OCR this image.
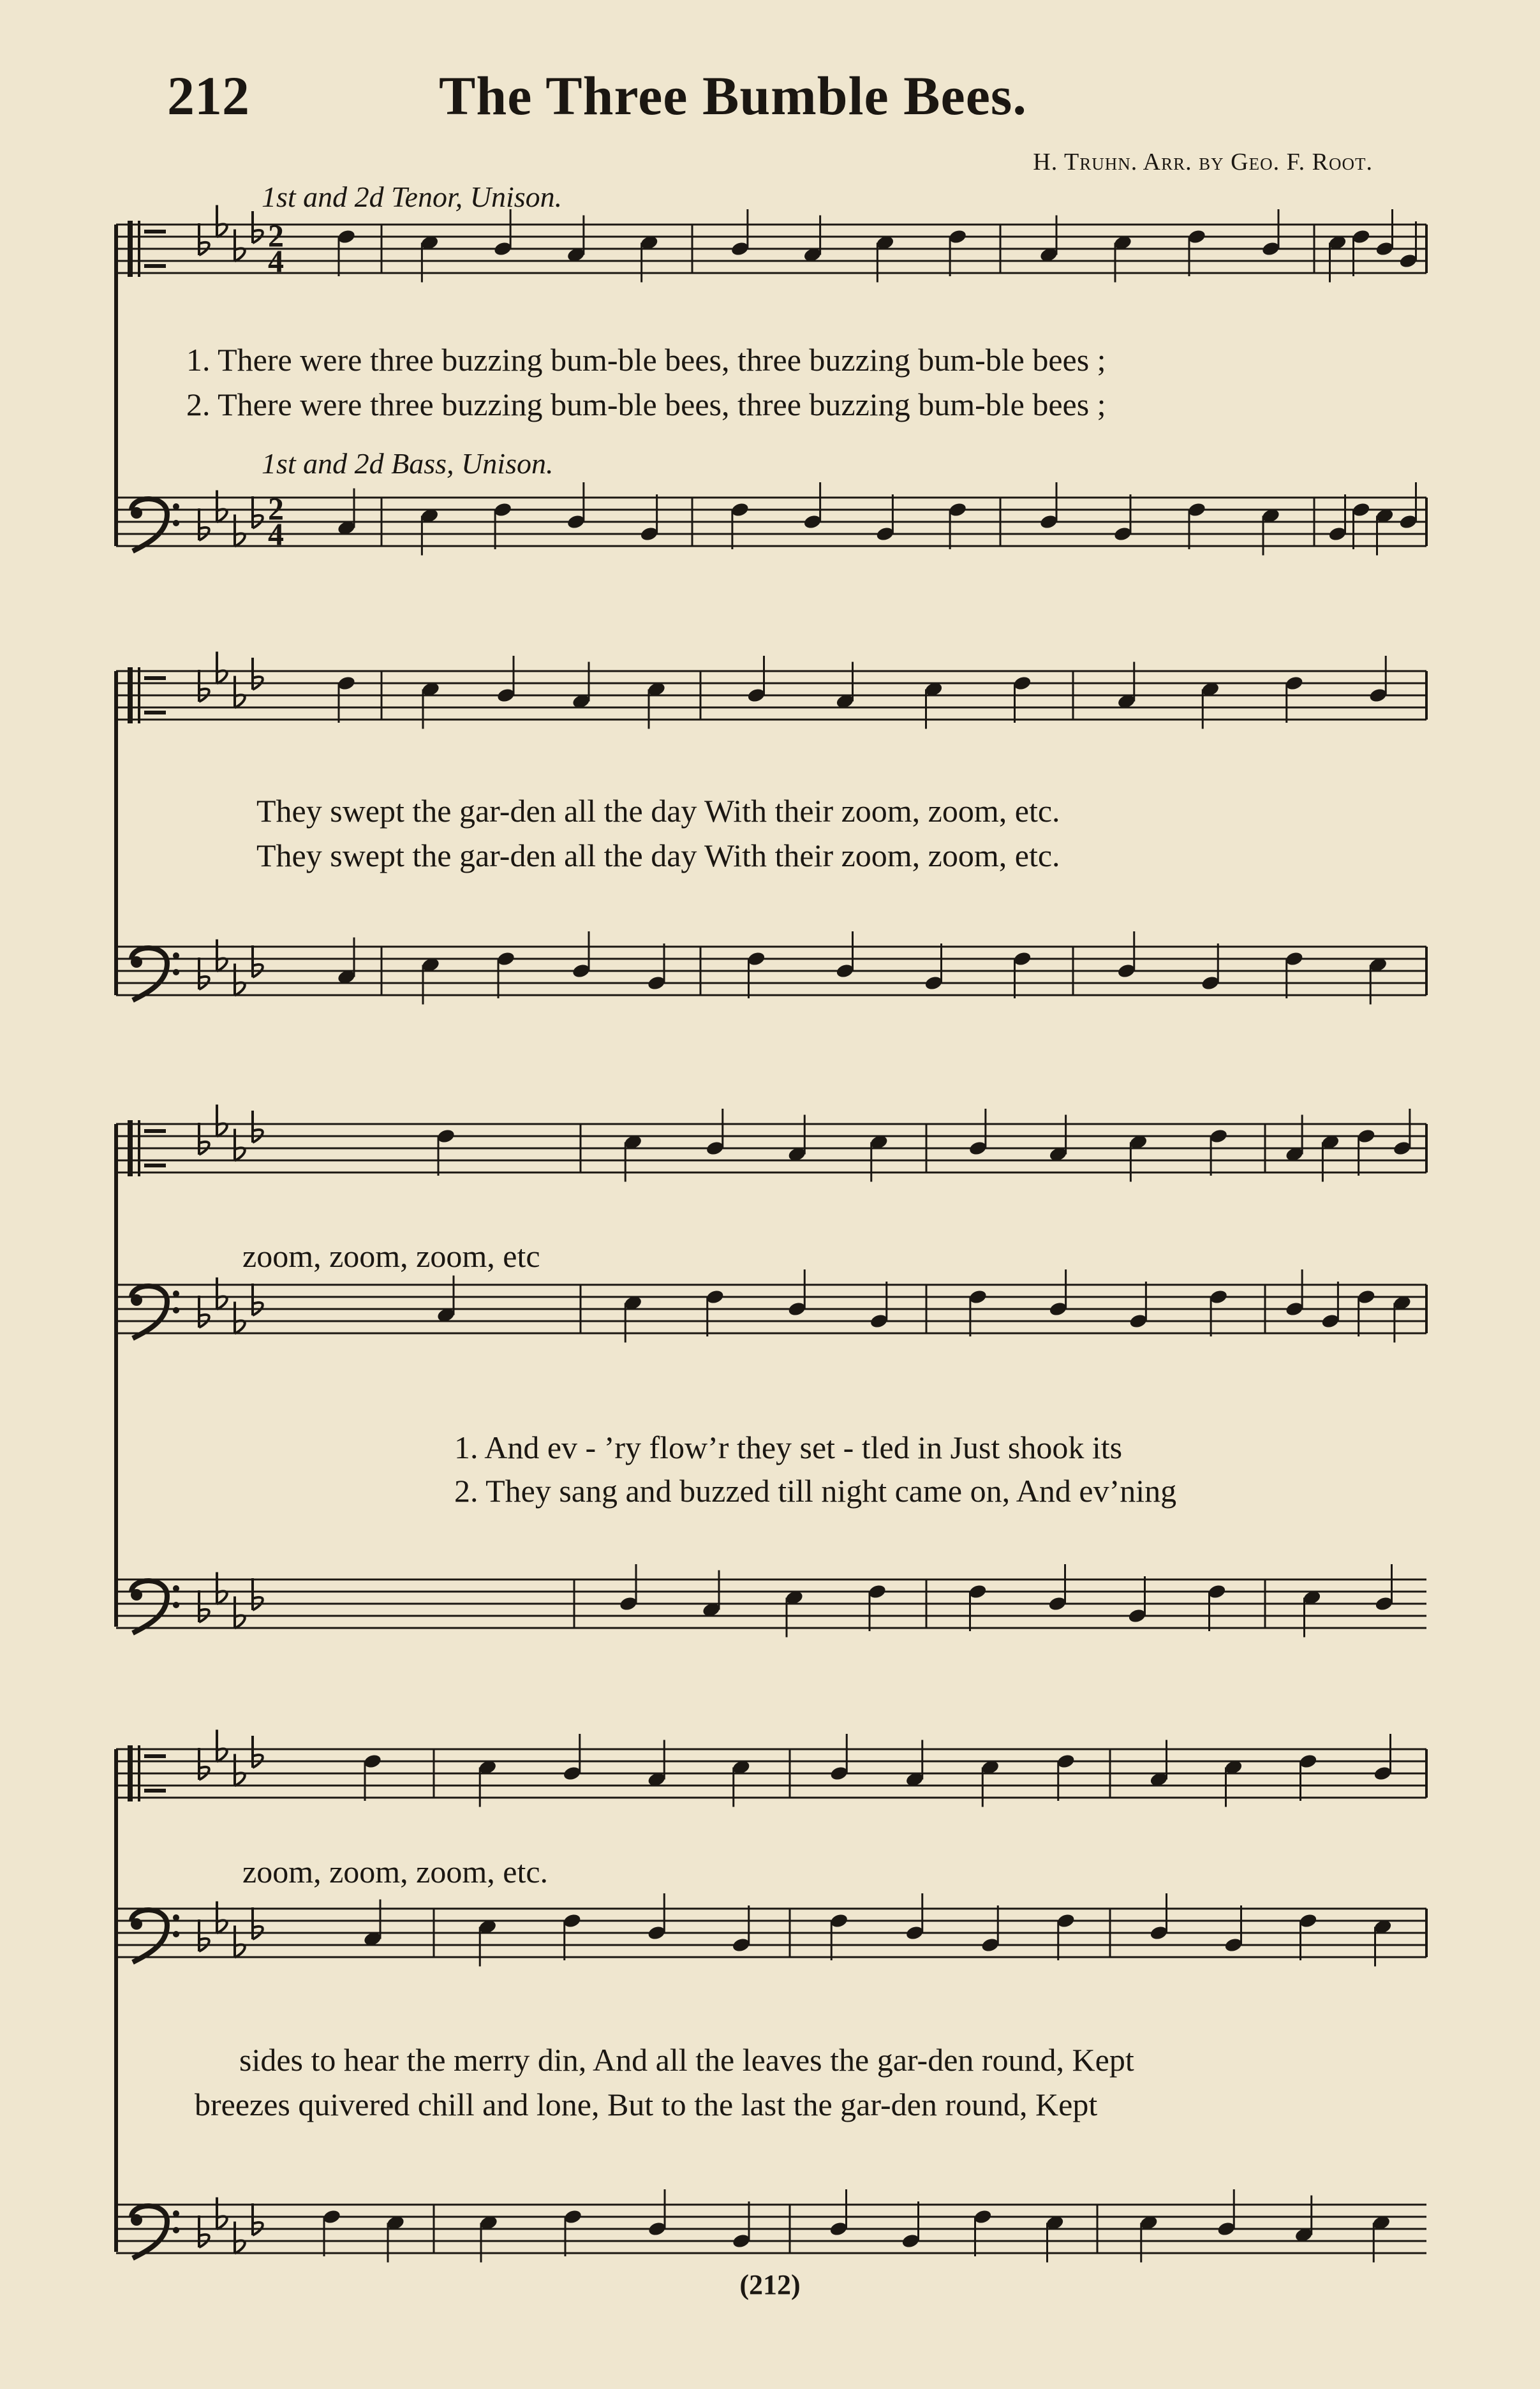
212	The Three Bumble Bees.
H. Truhn. Arr. by Geo. F. Root.
1st and 2d Tenor, Unison.
1st and 2d Bass, Unison.
1. There were three buzzing bum-ble bees, three buzzing bum-ble bees ;
2. There were three buzzing bum-ble bees, three buzzing bum-ble bees ;
They swept the gar-den all the day With their zoom, zoom, etc.
They swept the gar-den all the day With their zoom, zoom, etc.
zoom, zoom, zoom, etc
1. And ev - ’ry flow’r they set - tled in Just shook its
2. They sang and buzzed till night came on, And ev’ning
zoom, zoom, zoom, etc.
sides to hear the merry din, And all the leaves the gar-den round, Kept
breezes quivered chill and lone, But to the last the gar-den round, Kept
(212)
2
4
2
4
